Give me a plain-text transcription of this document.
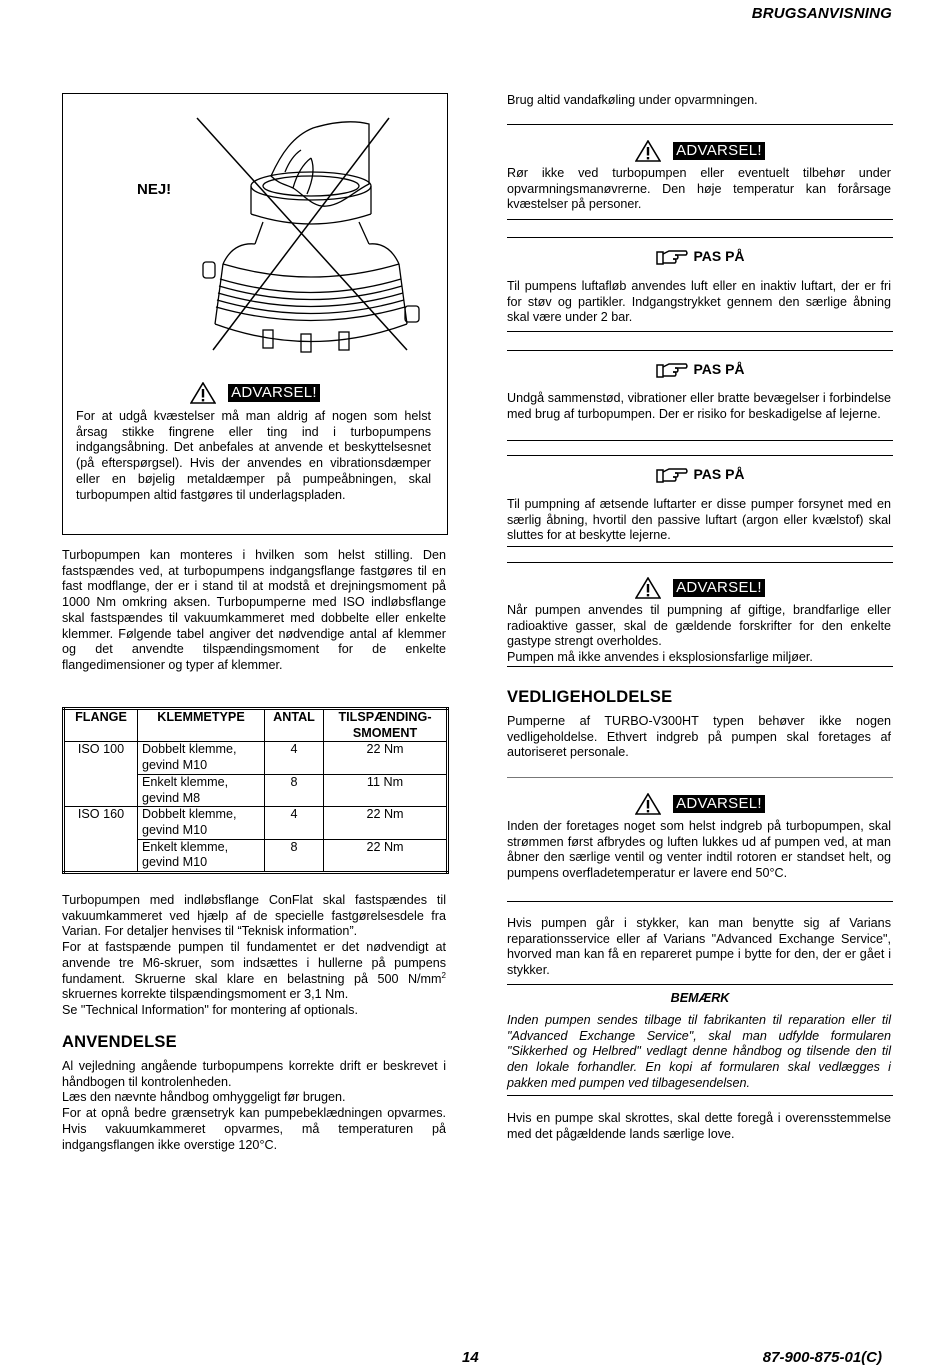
BRUGSANVISNING
NEJ!
ADVARSEL!
For at udgå kvæstelser må man aldrig af nogen som helst årsag stikke fingrene eller ting ind i turbopumpens indgangsåbning. Det anbefales at anvende et beskyttelsesnet (på efterspørgsel). Hvis der anvendes en vibrationsdæmper eller en bøjelig metaldæmper på pumpeåbningen, skal turbopumpen altid fastgøres til underlagspladen.
Turbopumpen kan monteres i hvilken som helst stilling. Den fastspændes ved, at turbopumpens indgangsflange fastgøres til en fast modflange, der er i stand til at modstå et drejningsmoment på 1000 Nm omkring aksen. Turbopumperne med ISO indløbsflange skal fastspændes til vakuumkammeret med dobbelte eller enkelte klemmer. Følgende tabel angiver det nødvendige antal af klemmer og det anvendte tilspændingsmoment for de enkelte flangedimensioner og typer af klemmer.
FLANGE	KLEMMETYPE	ANTAL	TILSPÆNDING-SMOMENT
ISO 100	Dobbelt klemme, gevind M10	4	22 Nm
	Enkelt klemme, gevind M8	8	11 Nm
ISO 160	Dobbelt klemme, gevind M10	4	22 Nm
	Enkelt klemme, gevind M10	8	22 Nm
Turbopumpen med indløbsflange ConFlat skal fastspændes til vakuumkammeret ved hjælp af de specielle fastgørelsesdele fra Varian. For detaljer henvises til “Teknisk information”.
For at fastspænde pumpen til fundamentet er det nødvendigt at anvende tre M6-skruer, som indsættes i hullerne på pumpens fundament. Skruerne skal klare en belastning på 500 $N/mm^2$ skruernes korrekte tilspændingsmoment er 3,1 Nm.
Se "Technical Information" for montering af optionals.
ANVENDELSE
Al vejledning angående turbopumpens korrekte drift er beskrevet i håndbogen til kontrolenheden.
Læs den nævnte håndbog omhyggeligt før brugen.
For at opnå bedre grænsetryk kan pumpebeklædningen opvarmes. Hvis vakuumkammeret opvarmes, må temperaturen på indgangsflangen ikke overstige 120°C.
Brug altid vandafkøling under opvarmningen.
ADVARSEL!
Rør ikke ved turbopumpen eller eventuelt tilbehør under opvarmningsmanøvrerne. Den høje temperatur kan forårsage kvæstelser på personer.
PAS PÅ
Til pumpens luftafløb anvendes luft eller en inaktiv luftart, der er fri for støv og partikler. Indgangstrykket gennem den særlige åbning skal være under 2 bar.
PAS PÅ
Undgå sammenstød, vibrationer eller bratte bevægelser i forbindelse med brug af turbopumpen. Der er risiko for beskadigelse af lejerne.
PAS PÅ
Til pumpning af ætsende luftarter er disse pumper forsynet med en særlig åbning, hvortil den passive luftart (argon eller kvælstof) skal sluttes for at beskytte lejerne.
ADVARSEL!
Når pumpen anvendes til pumpning af giftige, brandfarlige eller radioaktive gasser, skal de gældende forskrifter for den enkelte gastype strengt overholdes.
Pumpen må ikke anvendes i eksplosionsfarlige miljøer.
VEDLIGEHOLDELSE
Pumperne af TURBO-V300HT typen behøver ikke nogen vedligeholdelse. Ethvert indgreb på pumpen skal foretages af autoriseret personale.
ADVARSEL!
Inden der foretages noget som helst indgreb på turbopumpen, skal strømmen først afbrydes og luften lukkes ud af pumpen ved, at man åbner den særlige ventil og venter indtil rotoren er standset helt, og pumpens overfladetemperatur er lavere end 50°C.
Hvis pumpen går i stykker, kan man benytte sig af Varians reparationsservice eller af Varians "Advanced Exchange Service", hvorved man kan få en repareret pumpe i bytte for den, der er gået i stykker.
BEMÆRK
Inden pumpen sendes tilbage til fabrikanten til reparation eller til "Advanced Exchange Service", skal man udfylde formularen "Sikkerhed og Helbred" vedlagt denne håndbog og tilsende den til den lokale forhandler. En kopi af formularen skal vedlægges i pakken med pumpen ved tilbagesendelsen.
Hvis en pumpe skal skrottes, skal dette foregå i overensstemmelse med det pågældende lands særlige love.
14	87-900-875-01(C)
